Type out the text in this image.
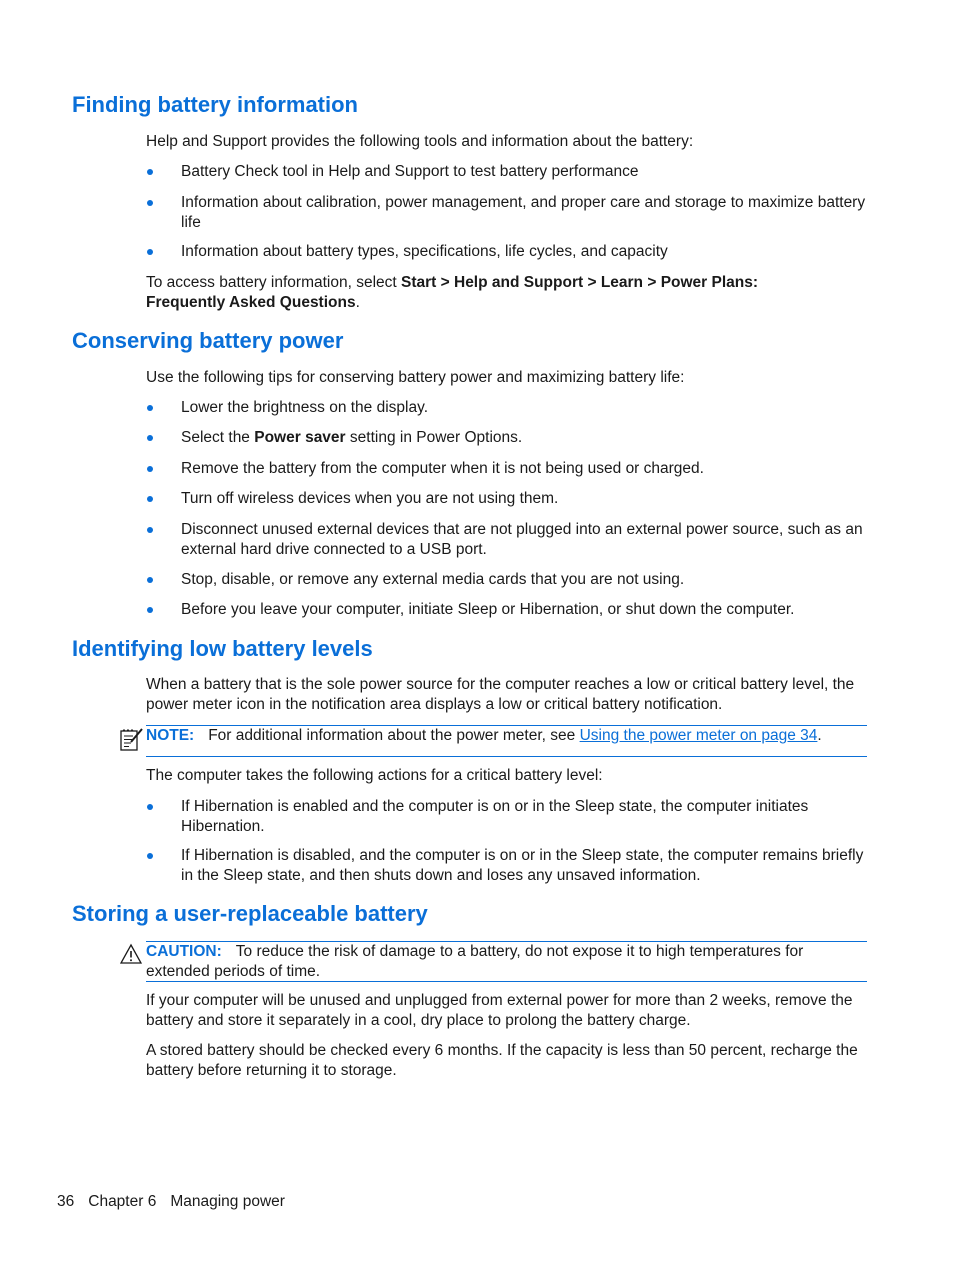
Finding battery information

Help and Support provides the following tools and information about the battery:

Battery Check tool in Help and Support to test battery performance
Information about calibration, power management, and proper care and storage to maximize battery life
Information about battery types, specifications, life cycles, and capacity

To access battery information, select Start > Help and Support > Learn > Power Plans: Frequently Asked Questions.

Conserving battery power

Use the following tips for conserving battery power and maximizing battery life:

Lower the brightness on the display.
Select the Power saver setting in Power Options.
Remove the battery from the computer when it is not being used or charged.
Turn off wireless devices when you are not using them.
Disconnect unused external devices that are not plugged into an external power source, such as an external hard drive connected to a USB port.
Stop, disable, or remove any external media cards that you are not using.
Before you leave your computer, initiate Sleep or Hibernation, or shut down the computer.
Identifying low battery levels

When a battery that is the sole power source for the computer reaches a low or critical battery level, the power meter icon in the notification area displays a low or critical battery notification.

NOTE: For additional information about the power meter, see Using the power meter on page 34.

The computer takes the following actions for a critical battery level:

If Hibernation is enabled and the computer is on or in the Sleep state, the computer initiates Hibernation.
If Hibernation is disabled, and the computer is on or in the Sleep state, the computer remains briefly in the Sleep state, and then shuts down and loses any unsaved information.
Storing a user-replaceable battery
CAUTION: To reduce the risk of damage to a battery, do not expose it to high temperatures for extended periods of time.

If your computer will be unused and unplugged from external power for more than 2 weeks, remove the battery and store it separately in a cool, dry place to prolong the battery charge.

A stored battery should be checked every 6 months. If the capacity is less than 50 percent, recharge the battery before returning it to storage.

36 Chapter 6 Managing power
